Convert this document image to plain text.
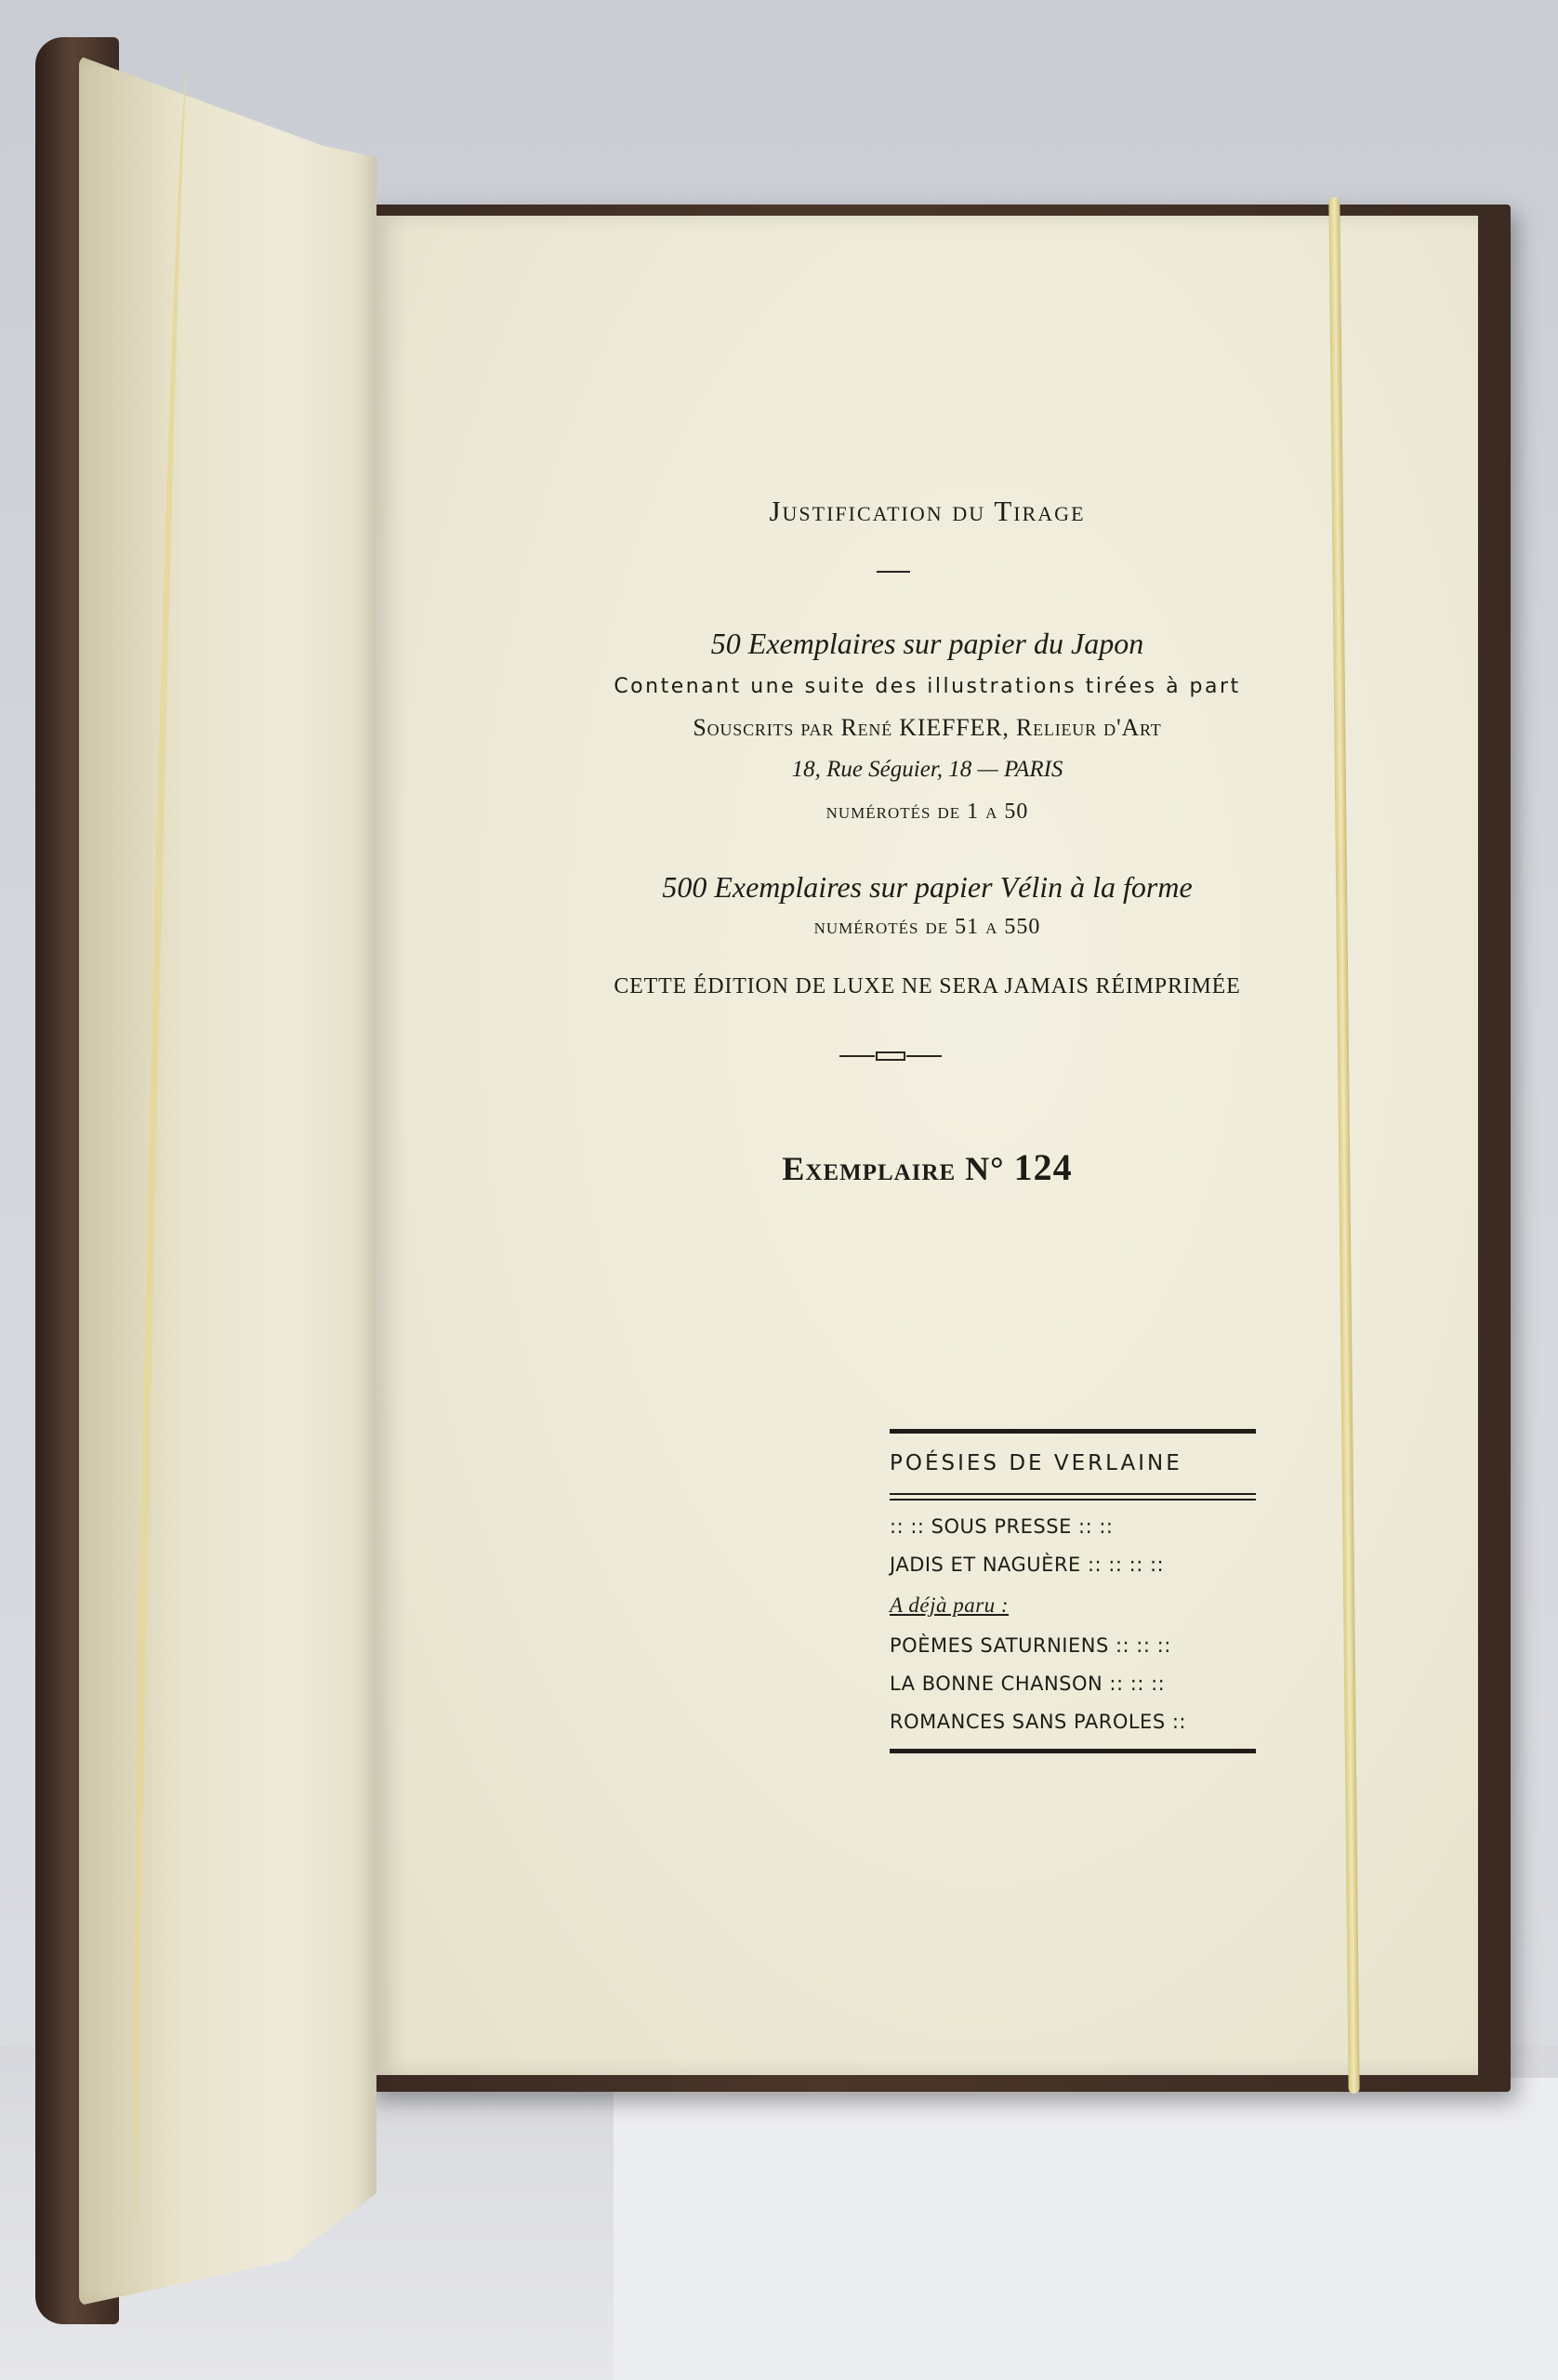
Justification du Tirage
50 Exemplaires sur papier du Japon
Contenant une suite des illustrations tirées à part
Souscrits par René KIEFFER, Relieur d'Art
18, Rue Séguier, 18 — PARIS
numérotés de 1 a 50
500 Exemplaires sur papier Vélin à la forme
numérotés de 51 a 550
CETTE ÉDITION DE LUXE NE SERA JAMAIS RÉIMPRIMÉE
Exemplaire N° 124
POÉSIES DE VERLAINE
:: :: SOUS PRESSE :: ::
JADIS ET NAGUÈRE :: :: :: ::
A déjà paru :
POÈMES SATURNIENS :: :: ::
LA BONNE CHANSON :: :: ::
ROMANCES SANS PAROLES ::
